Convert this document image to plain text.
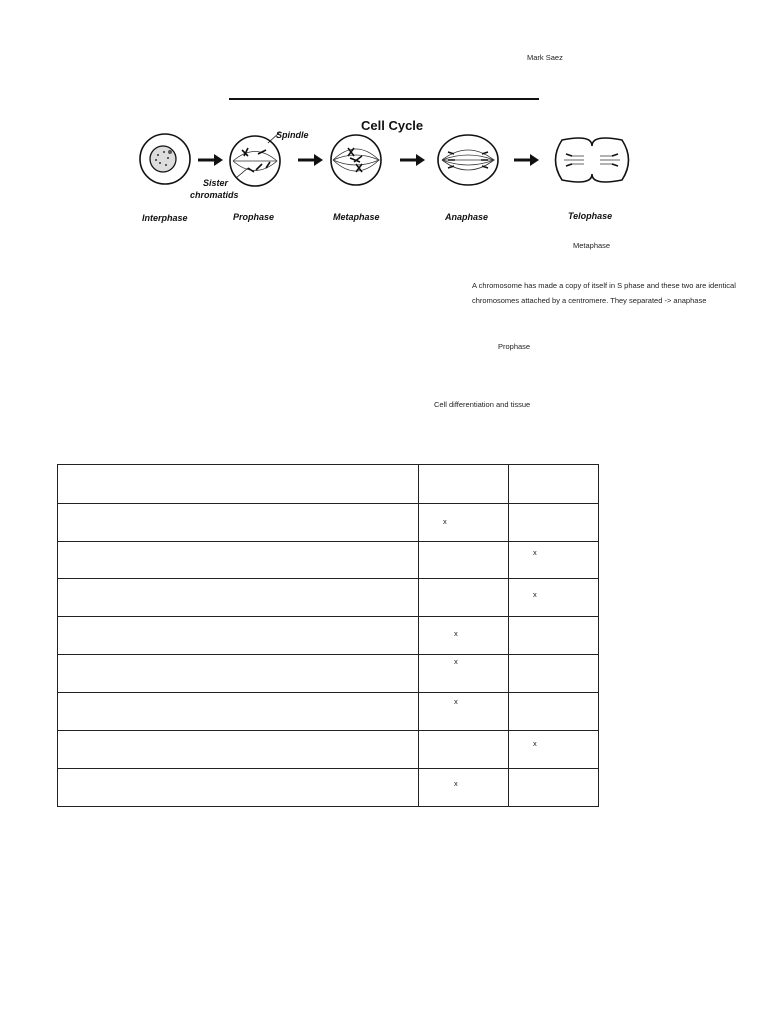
Mark Saez
Cell Cycle
Spindle
Sister
chromatids
Interphase	Prophase	Metaphase	Anaphase	Telophase
Metaphase
A chromosome has made a copy of itself in S phase and these two are identical
chromosomes attached by a centromere. They separated -> anaphase
Prophase
Cell differentiation and tissue

	x	

		x

		x

	x	

	x	

	x	

		x

	x	
